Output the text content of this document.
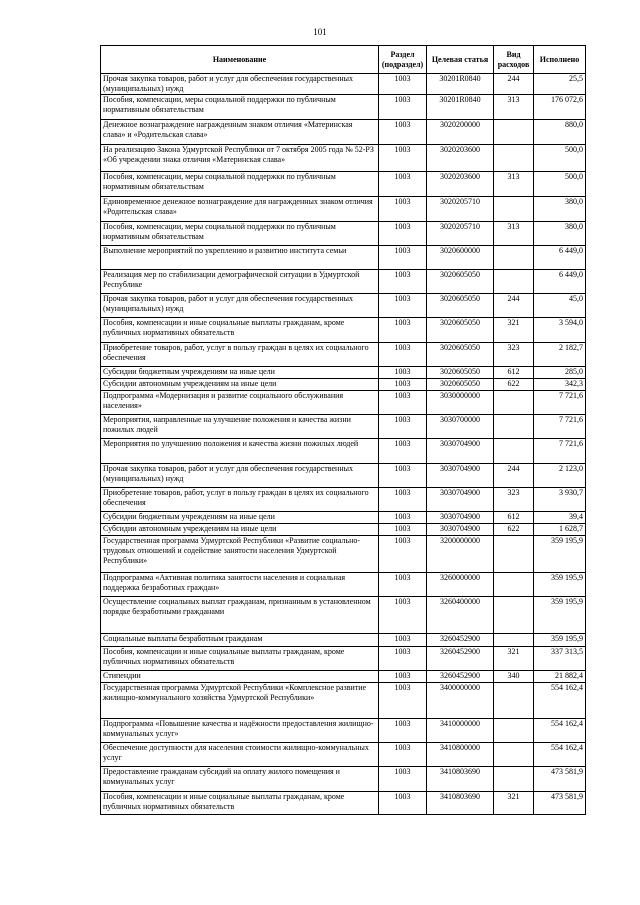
101
Наименование	Раздел (подраздел)	Целевая статья	Вид расходов	Исполнено
Прочая закупка товаров, работ и услуг для обеспечения государственных (муниципальных) нужд	1003	30201R0840	244	25,5
Пособия, компенсации, меры социальной поддержки по публичным нормативным обязательствам	1003	30201R0840	313	176 072,6
Денежное вознаграждение награжденным знаком отличия «Материнская слава» и «Родительская слава»	1003	3020200000		880,0
На реализацию Закона Удмуртской Республики от 7 октября 2005 года № 52-РЗ «Об учреждении знака отличия «Материнская слава»	1003	3020203600		500,0
Пособия, компенсации, меры социальной поддержки по публичным нормативным обязательствам	1003	3020203600	313	500,0
Единовременное денежное вознаграждение для награжденных знаком отличия «Родительская слава»	1003	3020205710		380,0
Пособия, компенсации, меры социальной поддержки по публичным нормативным обязательствам	1003	3020205710	313	380,0
Выполнение мероприятий по укреплению и развитию института семьи	1003	3020600000		6 449,0
Реализация мер по стабилизации демографической ситуации в Удмуртской Республике	1003	3020605050		6 449,0
Прочая закупка товаров, работ и услуг для обеспечения государственных (муниципальных) нужд	1003	3020605050	244	45,0
Пособия, компенсации и иные социальные выплаты гражданам, кроме публичных нормативных обязательств	1003	3020605050	321	3 594,0
Приобретение товаров, работ, услуг в пользу граждан в целях их социального обеспечения	1003	3020605050	323	2 182,7
Субсидии бюджетным учреждениям на иные цели	1003	3020605050	612	285,0
Субсидии автономным учреждениям на иные цели	1003	3020605050	622	342,3
Подпрограмма «Модернизация и развитие социального обслуживания населения»	1003	3030000000		7 721,6
Мероприятия, направленные на улучшение положения и качества жизни пожилых людей	1003	3030700000		7 721,6
Мероприятия по улучшению положения и качества жизни пожилых людей	1003	3030704900		7 721,6
Прочая закупка товаров, работ и услуг для обеспечения государственных (муниципальных) нужд	1003	3030704900	244	2 123,0
Приобретение товаров, работ, услуг в пользу граждан в целях их социального обеспечения	1003	3030704900	323	3 930,7
Субсидии бюджетным учреждениям на иные цели	1003	3030704900	612	39,4
Субсидии автономным учреждениям на иные цели	1003	3030704900	622	1 628,7
Государственная программа Удмуртской Республики «Развитие социально-трудовых отношений и содействие занятости населения Удмуртской Республики»	1003	3200000000		359 195,9
Подпрограмма «Активная политика занятости населения и социальная поддержка безработных граждан»	1003	3260000000		359 195,9
Осуществление социальных выплат гражданам, признанным в установленном порядке безработными гражданами	1003	3260400000		359 195,9
Социальные выплаты безработным гражданам	1003	3260452900		359 195,9
Пособия, компенсации и иные социальные выплаты гражданам, кроме публичных нормативных обязательств	1003	3260452900	321	337 313,5
Стипендии	1003	3260452900	340	21 882,4
Государственная программа Удмуртской Республики «Комплексное развитие жилищно-коммунального хозяйства Удмуртской Республики»	1003	3400000000		554 162,4
Подпрограмма «Повышение качества и надёжности предоставления жилищно-коммунальных услуг»	1003	3410000000		554 162,4
Обеспечение доступности для населения стоимости жилищно-коммунальных услуг	1003	3410800000		554 162,4
Предоставление гражданам субсидий на оплату жилого помещения и коммунальных услуг	1003	3410803690		473 581,9
Пособия, компенсации и иные социальные выплаты гражданам, кроме публичных нормативных обязательств	1003	3410803690	321	473 581,9
